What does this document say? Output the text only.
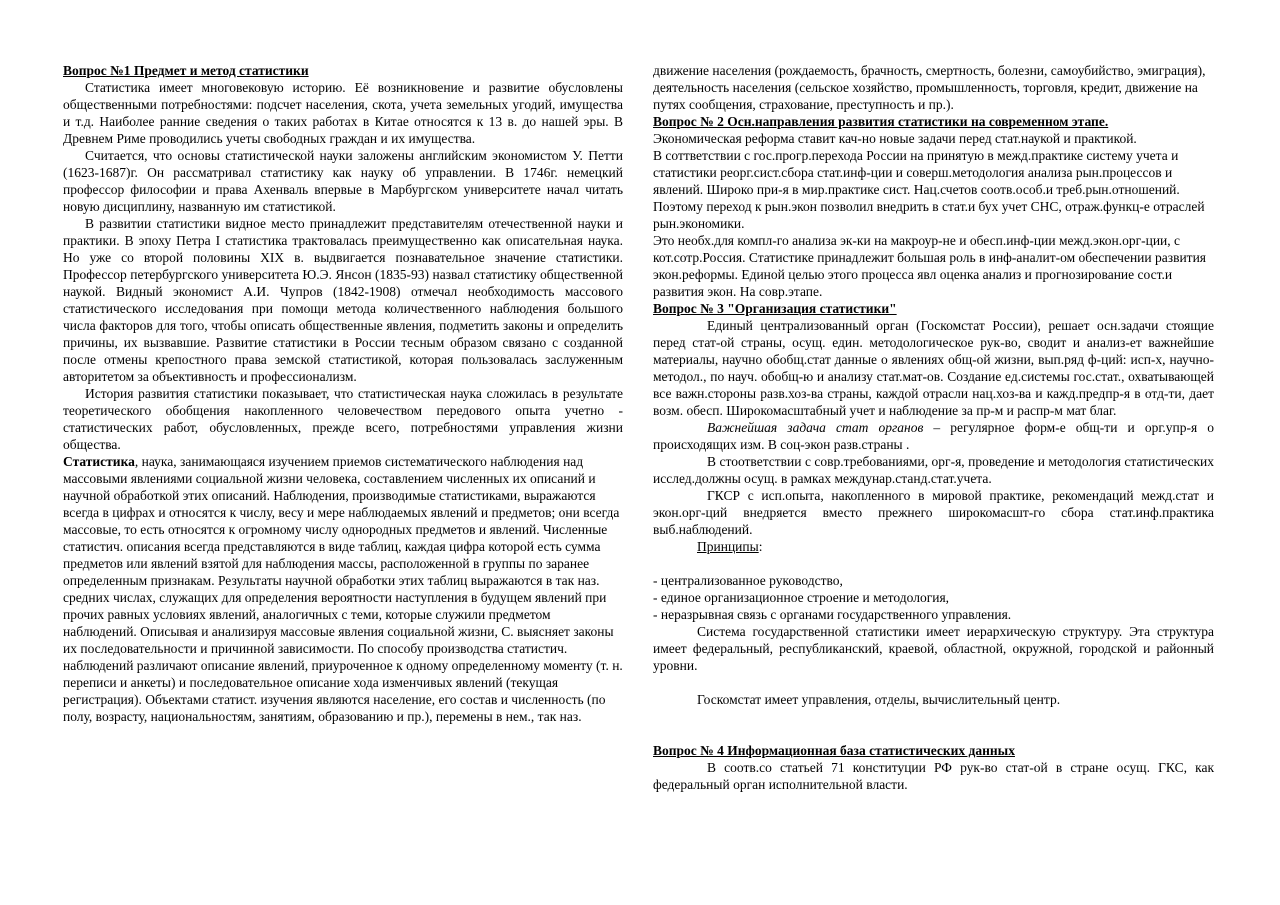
Вопрос №1 Предмет и метод статистики

Статистика имеет многовековую историю. Её возникновение и развитие обусловлены общественными потребностями: подсчет населения, скота, учета земельных угодий, имущества и т.д. Наиболее ранние сведения о таких работах в Китае относятся к 13 в. до нашей эры. В Древнем Риме проводились учеты свободных граждан и их имущества.

Считается, что основы статистической науки заложены английским экономистом У. Петти (1623-1687)г. Он рассматривал статистику как науку об управлении. В 1746г. немецкий профессор философии и права Ахенваль впервые в Марбургском университете начал читать новую дисциплину, названную им статистикой.

В развитии статистики видное место принадлежит представителям отечественной науки и практики. В эпоху Петра I статистика трактовалась преимущественно как описательная наука. Но уже со второй половины XIX в. выдвигается познавательное значение статистики. Профессор петербургского университета Ю.Э. Янсон (1835-93) назвал статистику общественной наукой. Видный экономист А.И. Чупров (1842-1908) отмечал необходимость массового статистического исследования при помощи метода количественного наблюдения большого числа факторов для того, чтобы описать общественные явления, подметить законы и определить причины, их вызвавшие. Развитие статистики в России тесным образом связано с созданной после отмены крепостного права земской статистикой, которая пользовалась заслуженным авторитетом за объективность и профессионализм.

История развития статистики показывает, что статистическая наука сложилась в результате теоретического обобщения накопленного человечеством передового опыта учетно - статистических работ, обусловленных, прежде всего, потребностями управления жизни общества.

Статистика, наука, занимающаяся изучением приемов систематического наблюдения над массовыми явлениями социальной жизни человека, составлением численных их описаний и научной обработкой этих описаний. Наблюдения, производимые статистиками, выражаются всегда в цифрах и относятся к числу, весу и мере наблюдаемых явлений и предметов; они всегда массовые, то есть относятся к огромному числу однородных предметов и явлений. Численные статистич. описания всегда представляются в виде таблиц, каждая цифра которой есть сумма предметов или явлений взятой для наблюдения массы, расположенной в группы по заранее определенным признакам. Результаты научной обработки этих таблиц выражаются в так наз. средних числах, служащих для определения вероятности наступления в будущем явлений при прочих равных условиях явлений, аналогичных с теми, которые служили предметом наблюдений. Описывая и анализируя массовые явления социальной жизни, С. выясняет законы их последовательности и причинной зависимости. По способу производства статистич. наблюдений различают описание явлений, приуроченное к одному определенному моменту (т. н. переписи и анкеты) и последовательное описание хода изменчивых явлений (текущая регистрация). Объектами статист. изучения являются население, его состав и численность (по полу, возрасту, национальностям, занятиям, образованию и пр.), перемены в нем., так наз.

движение населения (рождаемость, брачность, смертность, болезни, самоубийство, эмиграция), деятельность населения (сельское хозяйство, промышленность, торговля, кредит, движение на путях сообщения, страхование, преступность и пр.).

Вопрос № 2 Осн.направления развития статистики на современном этапе.

Экономическая реформа ставит кач-но новые задачи перед стат.наукой и практикой.

В соттветствии с гос.прогр.перехода России на принятую в межд.практике систему учета и статистики реорг.сист.сбора стат.инф-ции и соверш.методология анализа рын.процессов и явлений. Широко при-я в мир.практике сист. Нац.счетов соотв.особ.и треб.рын.отношений. Поэтому переход к рын.экон позволил внедрить в стат.и бух учет СНС, отраж.функц-е отраслей рын.экономики.

Это необх.для компл-го анализа эк-ки на макроур-не и обесп.инф-ции межд.экон.орг-ции, с кот.сотр.Россия. Статистике принадлежит большая роль в инф-аналит-ом обеспечении развития экон.реформы. Единой целью этого процесса явл оценка анализ и прогнозирование сост.и развития экон. На совр.этапе.

Вопрос № 3 "Организация статистики"

Единый централизованный орган (Госкомстат России), решает осн.задачи стоящие перед стат-ой страны, осущ. един. методологическое рук-во, сводит и анализ-ет важнейшие материалы, научно обобщ.стат данные о явлениях общ-ой жизни, вып.ряд ф-ций: исп-х, научно-методол., по науч. обобщ-ю и анализу стат.мат-ов. Создание ед.системы гос.стат., охватывающей все важн.стороны разв.хоз-ва страны, каждой отрасли нац.хоз-ва и кажд.предпр-я в отд-ти, дает возм. обесп. Широкомасштабный учет и наблюдение за пр-м и распр-м мат благ.

Важнейшая задача стат органов – регулярное форм-е общ-ти и орг.упр-я о происходящих изм. В соц-экон разв.страны .

В стоответствии с совр.требованиями, орг-я, проведение и методология статистических исслед.должны осущ. в рамках междунар.станд.стат.учета.

ГКСР с исп.опыта, накопленного в мировой практике, рекомендаций межд.стат и экон.орг-ций внедряется вместо прежнего широкомасшт-го сбора стат.инф.практика выб.наблюдений.

Принципы:

- централизованное руководство,

- единое организационное строение и методология,

- неразрывная связь с органами государственного управления.

Система государственной статистики имеет иерархическую структуру. Эта структура имеет федеральный, республиканский, краевой, областной, окружной, городской и районный уровни.

Госкомстат имеет управления, отделы, вычислительный центр.

Вопрос № 4 Информационная база статистических данных

В соотв.со статьей 71 конституции РФ рук-во стат-ой в стране осущ. ГКС, как федеральный орган исполнительной власти.
